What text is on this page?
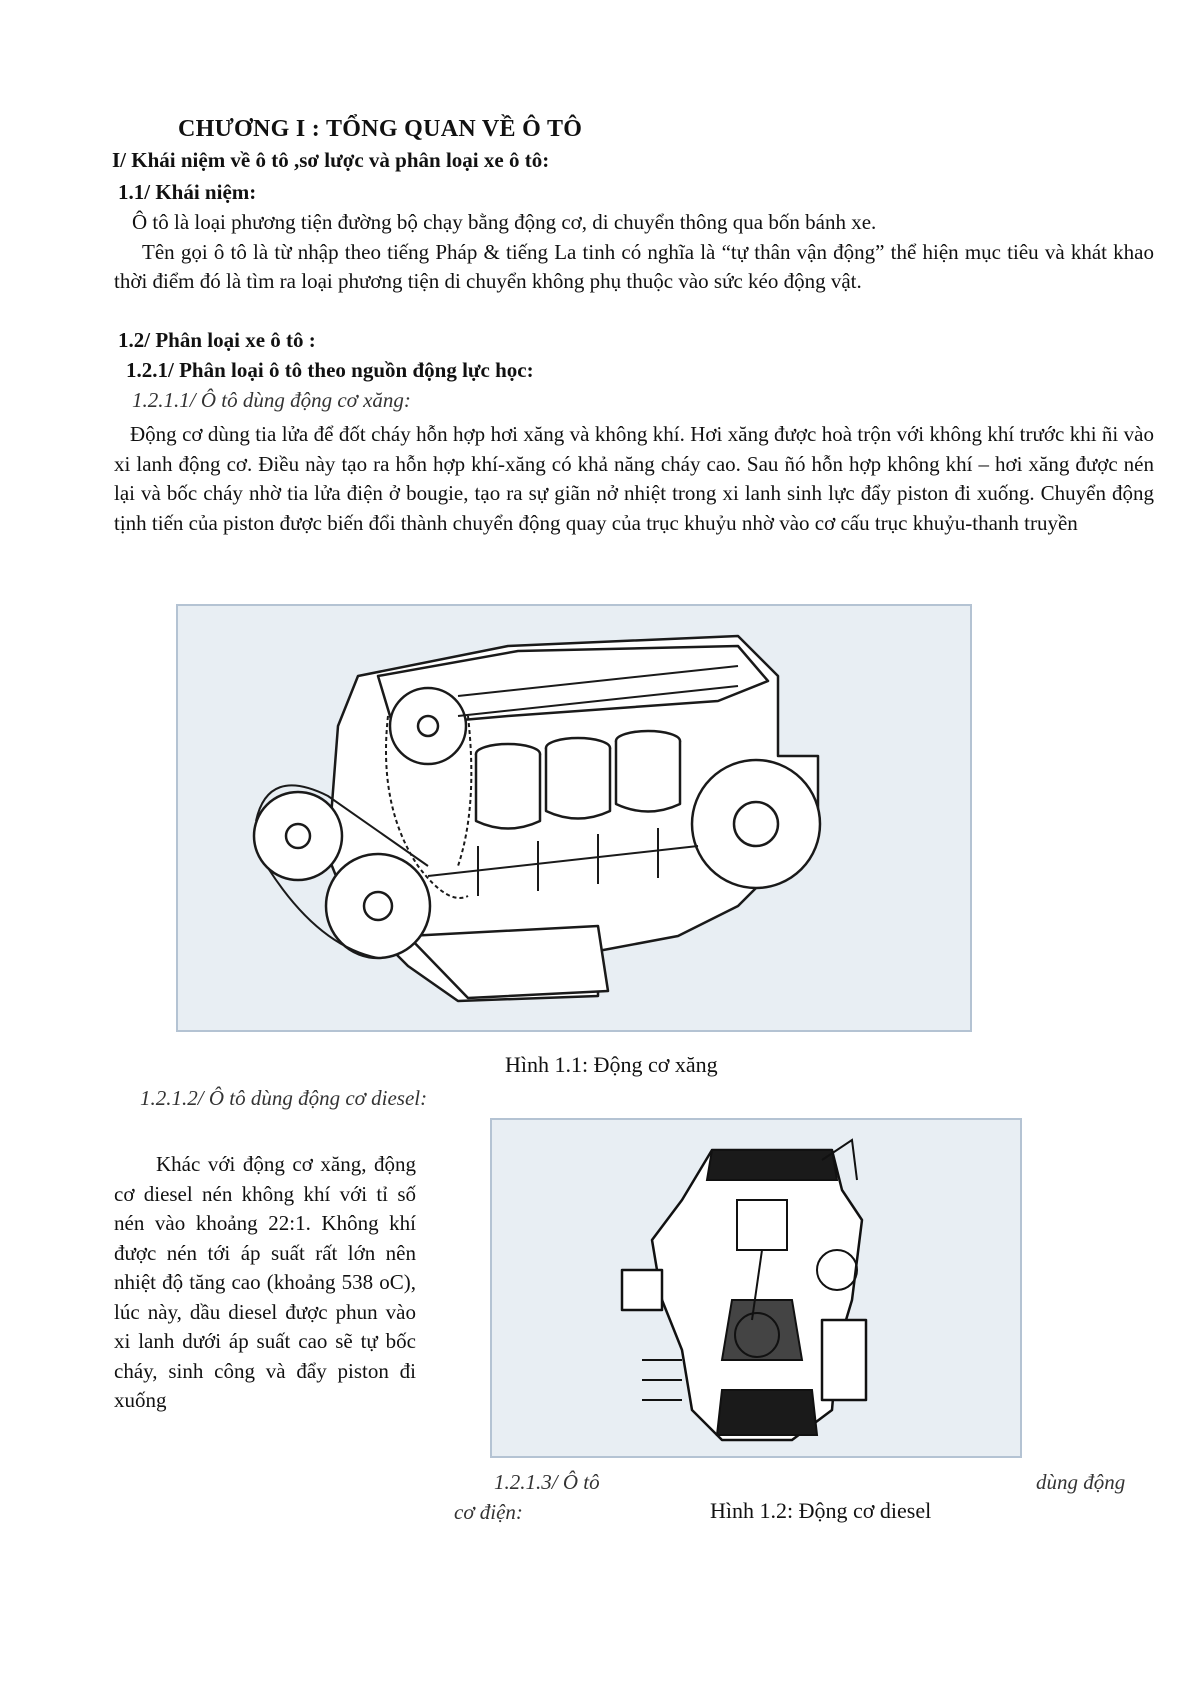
CHƯƠNG I : TỔNG QUAN VỀ Ô TÔ
I/ Khái niệm về ô tô ,sơ lược và phân loại xe ô tô:
1.1/ Khái niệm:

Ô tô là loại phương tiện đường bộ chạy bằng động cơ, di chuyển thông qua bốn bánh xe.

Tên gọi ô tô là từ nhập theo tiếng Pháp & tiếng La tinh có nghĩa là “tự thân vận động” thể hiện mục tiêu và khát khao thời điểm đó là tìm ra loại phương tiện di chuyển không phụ thuộc vào sức kéo động vật.

1.2/ Phân loại xe ô tô :
1.2.1/ Phân loại ô tô theo nguồn động lực học:
1.2.1.1/ Ô tô dùng động cơ xăng:

Động cơ dùng tia lửa để đốt cháy hỗn hợp hơi xăng và không khí. Hơi xăng được hoà trộn với không khí trước khi ñi vào xi lanh động cơ. Điều này tạo ra hỗn hợp khí-xăng có khả năng cháy cao. Sau ñó hỗn hợp không khí – hơi xăng được nén lại và bốc cháy nhờ tia lửa điện ở bougie, tạo ra sự giãn nở nhiệt trong xi lanh sinh lực đẩy piston đi xuống. Chuyển động tịnh tiến của piston được biến đổi thành chuyển động quay của trục khuỷu nhờ vào cơ cấu trục khuỷu-thanh truyền

Hình 1.1: Động cơ xăng
1.2.1.2/ Ô tô dùng động cơ diesel:

Khác với động cơ xăng, động cơ diesel nén không khí với tỉ số nén vào khoảng 22:1. Không khí được nén tới áp suất rất lớn nên nhiệt độ tăng cao (khoảng 538 oC), lúc này, dầu diesel được phun vào xi lanh dưới áp suất cao sẽ tự bốc cháy, sinh công và đẩy piston đi xuống

Hình 1.2: Động cơ diesel
1.2.1.3/ Ô tô	dùng động
cơ điện:
